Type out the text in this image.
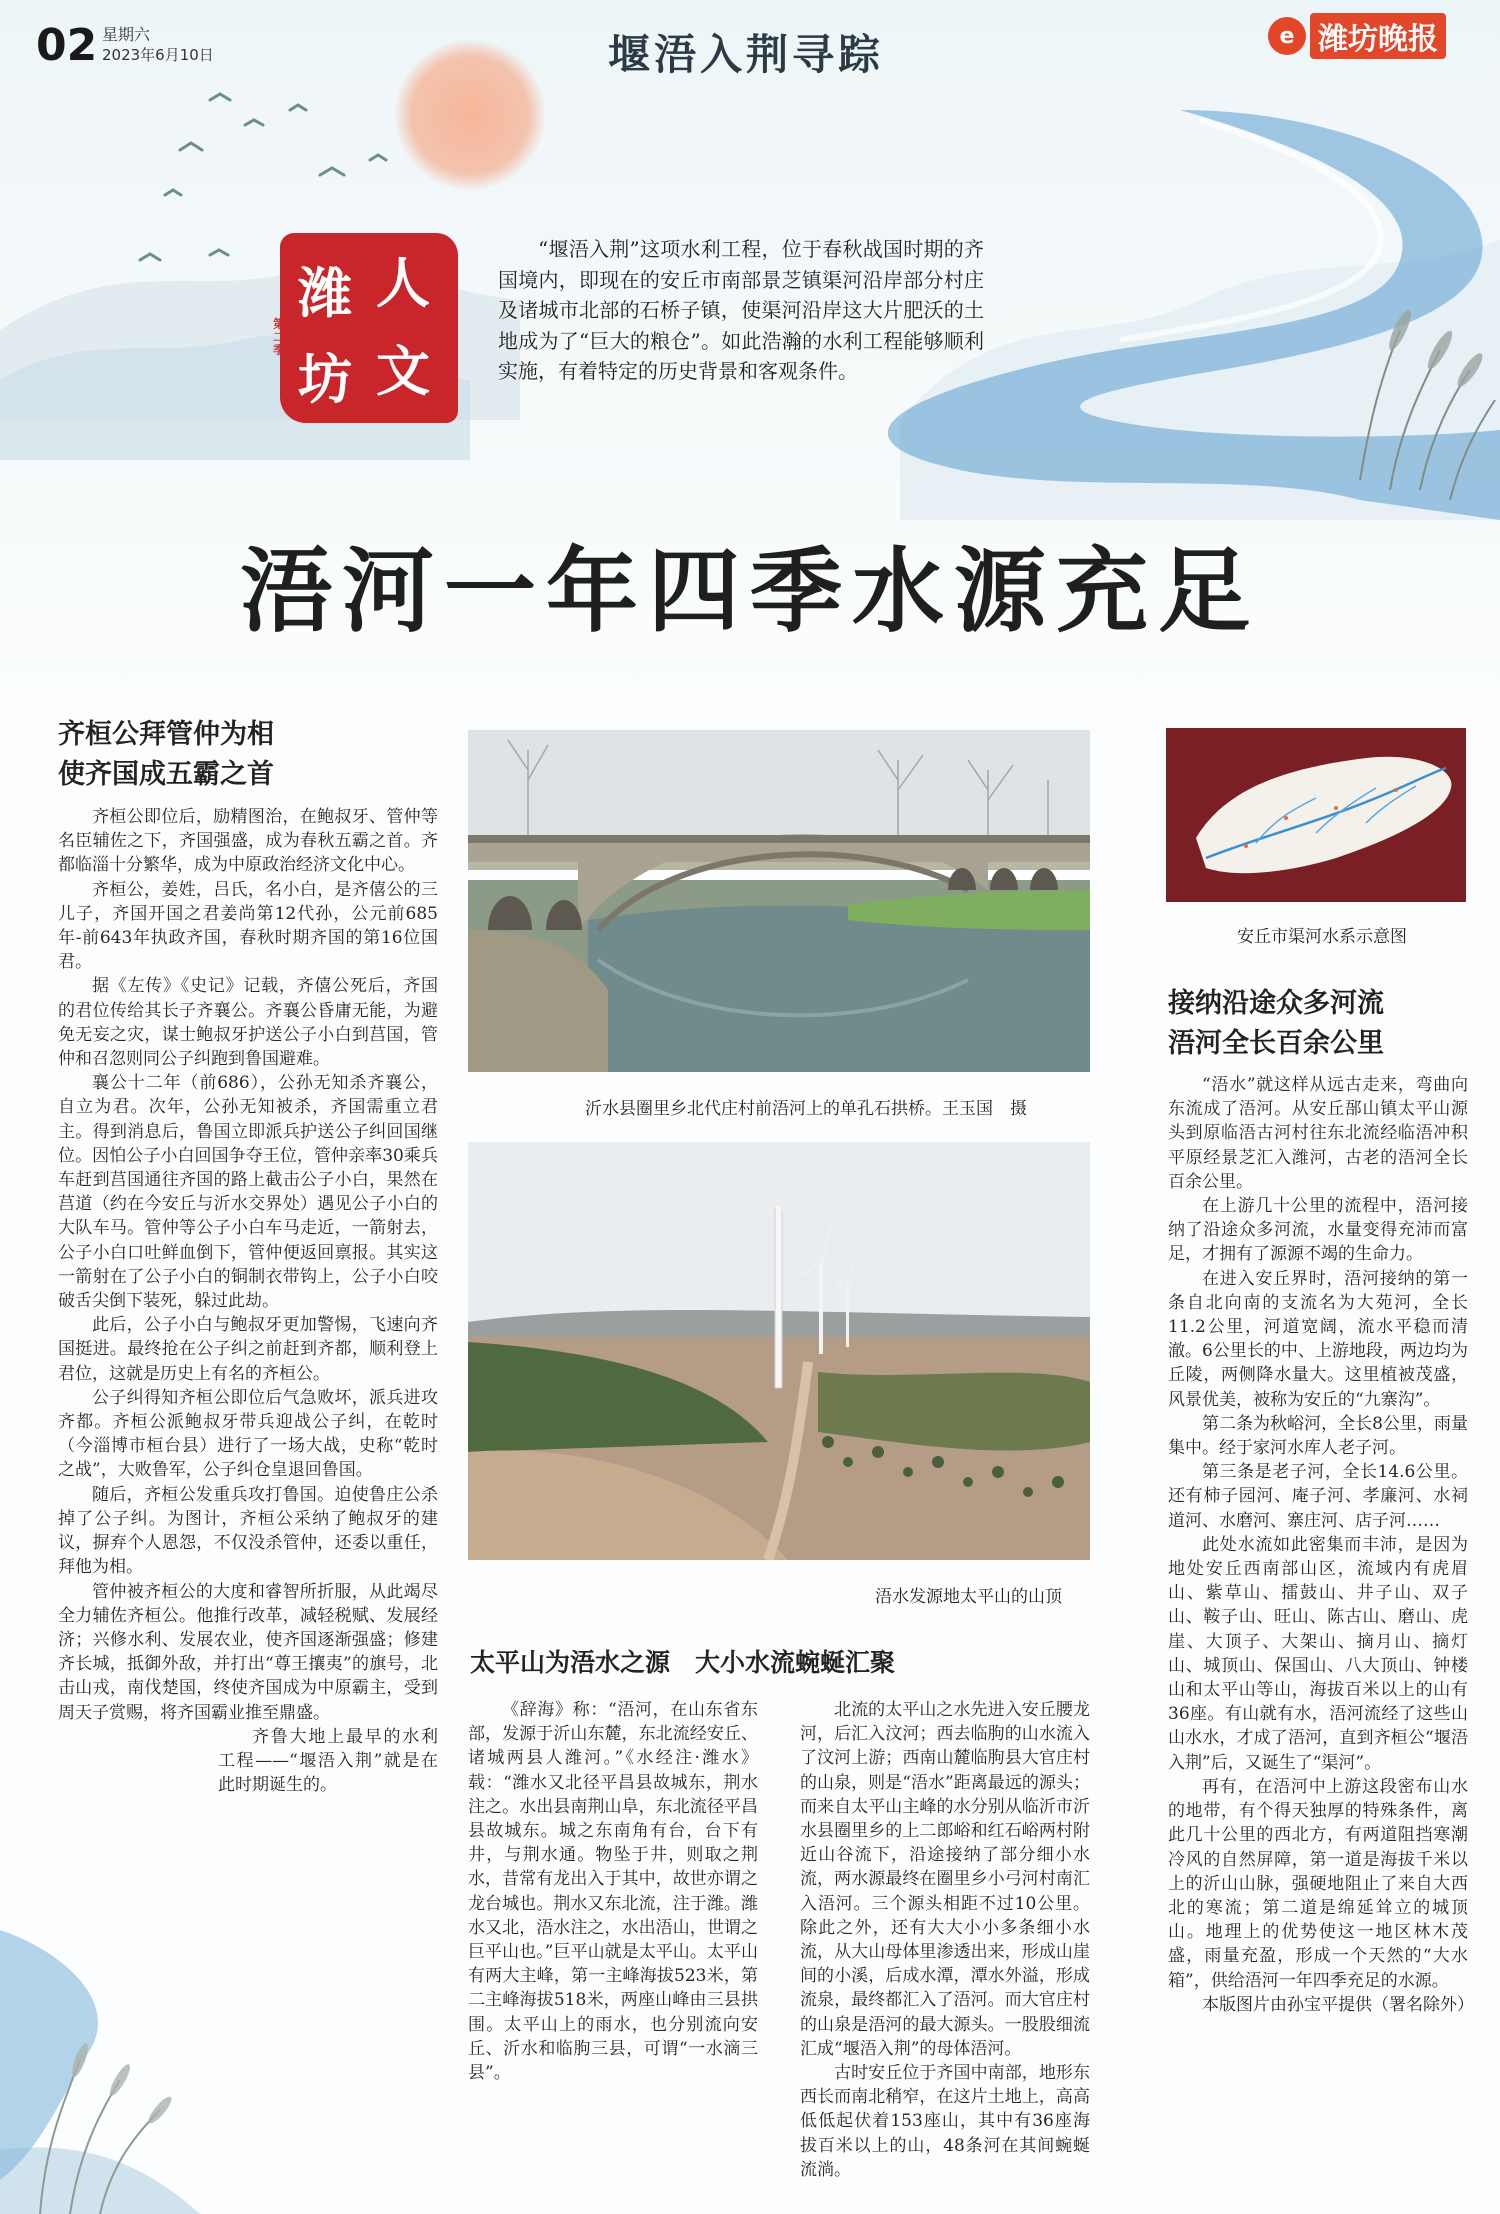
02 星期六
2023年6月10日	堰浯入荆寻踪	e 潍坊晚报
潍 人
坊 文
第二季
“堰浯入荆”这项水利工程，位于春秋战国时期的齐国境内，即现在的安丘市南部景芝镇渠河沿岸部分村庄及诸城市北部的石桥子镇，使渠河沿岸这大片肥沃的土地成为了“巨大的粮仓”。如此浩瀚的水利工程能够顺利实施，有着特定的历史背景和客观条件。
浯河一年四季水源充足
齐桓公拜管仲为相
使齐国成五霸之首

齐桓公即位后，励精图治，在鲍叔牙、管仲等名臣辅佐之下，齐国强盛，成为春秋五霸之首。齐都临淄十分繁华，成为中原政治经济文化中心。

齐桓公，姜姓，吕氏，名小白，是齐僖公的三儿子，齐国开国之君姜尚第12代孙，公元前685年-前643年执政齐国，春秋时期齐国的第16位国君。

据《左传》《史记》记载，齐僖公死后，齐国的君位传给其长子齐襄公。齐襄公昏庸无能，为避免无妄之灾，谋士鲍叔牙护送公子小白到莒国，管仲和召忽则同公子纠跑到鲁国避难。

襄公十二年（前686），公孙无知杀齐襄公，自立为君。次年，公孙无知被杀，齐国需重立君主。得到消息后，鲁国立即派兵护送公子纠回国继位。因怕公子小白回国争夺王位，管仲亲率30乘兵车赶到莒国通往齐国的路上截击公子小白，果然在莒道（约在今安丘与沂水交界处）遇见公子小白的大队车马。管仲等公子小白车马走近，一箭射去，公子小白口吐鲜血倒下，管仲便返回禀报。其实这一箭射在了公子小白的铜制衣带钩上，公子小白咬破舌尖倒下装死，躲过此劫。

此后，公子小白与鲍叔牙更加警惕，飞速向齐国挺进。最终抢在公子纠之前赶到齐都，顺利登上君位，这就是历史上有名的齐桓公。

公子纠得知齐桓公即位后气急败坏，派兵进攻齐都。齐桓公派鲍叔牙带兵迎战公子纠，在乾时（今淄博市桓台县）进行了一场大战，史称“乾时之战”，大败鲁军，公子纠仓皇退回鲁国。

随后，齐桓公发重兵攻打鲁国。迫使鲁庄公杀掉了公子纠。为图计，齐桓公采纳了鲍叔牙的建议，摒弃个人恩怨，不仅没杀管仲，还委以重任，拜他为相。

管仲被齐桓公的大度和睿智所折服，从此竭尽全力辅佐齐桓公。他推行改革，减轻税赋、发展经济；兴修水利、发展农业，使齐国逐渐强盛；修建齐长城，抵御外敌，并打出“尊王攘夷”的旗号，北击山戎，南伐楚国，终使齐国成为中原霸主，受到周天子赏赐，将齐国霸业推至鼎盛。

齐鲁大地上最早的水利工程——“堰浯入荆”就是在此时期诞生的。

沂水县圈里乡北代庄村前浯河上的单孔石拱桥。王玉国　摄
浯水发源地太平山的山顶
太平山为浯水之源　大小水流蜿蜒汇聚

《辞海》称：“浯河，在山东省东部，发源于沂山东麓，东北流经安丘、诸城两县人潍河。”《水经注·潍水》载：“潍水又北径平昌县故城东，荆水注之。水出县南荆山阜，东北流径平昌县故城东。城之东南角有台，台下有井，与荆水通。物坠于井，则取之荆水，昔常有龙出入于其中，故世亦谓之龙台城也。荆水又东北流，注于潍。潍水又北，浯水注之，水出浯山，世谓之巨平山也。”巨平山就是太平山。太平山有两大主峰，第一主峰海拔523米，第二主峰海拔518米，两座山峰由三县拱围。太平山上的雨水，也分别流向安丘、沂水和临朐三县，可谓“一水滴三县”。

北流的太平山之水先进入安丘腰龙河，后汇入汶河；西去临朐的山水流入了汶河上游；西南山麓临朐县大官庄村的山泉，则是“浯水”距离最远的源头；而来自太平山主峰的水分别从临沂市沂水县圈里乡的上二郎峪和红石峪两村附近山谷流下，沿途接纳了部分细小水流，两水源最终在圈里乡小弓河村南汇入浯河。三个源头相距不过10公里。除此之外，还有大大小小多条细小水流，从大山母体里渗透出来，形成山崖间的小溪，后成水潭，潭水外溢，形成流泉，最终都汇入了浯河。而大官庄村的山泉是浯河的最大源头。一股股细流汇成“堰浯入荆”的母体浯河。

古时安丘位于齐国中南部，地形东西长而南北稍窄，在这片土地上，高高低低起伏着153座山，其中有36座海拔百米以上的山，48条河在其间蜿蜒流淌。

安丘市渠河水系示意图
接纳沿途众多河流
浯河全长百余公里

“浯水”就这样从远古走来，弯曲向东流成了浯河。从安丘郚山镇太平山源头到原临浯古河村往东北流经临浯冲积平原经景芝汇入潍河，古老的浯河全长百余公里。

在上游几十公里的流程中，浯河接纳了沿途众多河流，水量变得充沛而富足，才拥有了源源不竭的生命力。

在进入安丘界时，浯河接纳的第一条自北向南的支流名为大苑河，全长11.2公里，河道宽阔，流水平稳而清澈。6公里长的中、上游地段，两边均为丘陵，两侧降水量大。这里植被茂盛，风景优美，被称为安丘的“九寨沟”。

第二条为秋峪河，全长8公里，雨量集中。经于家河水库人老子河。

第三条是老子河，全长14.6公里。还有柿子园河、庵子河、孝廉河、水祠道河、水磨河、寨庄河、店子河……

此处水流如此密集而丰沛，是因为地处安丘西南部山区，流域内有虎眉山、紫草山、擂鼓山、井子山、双子山、鞍子山、旺山、陈古山、磨山、虎崖、大顶子、大架山、摘月山、摘灯山、城顶山、保国山、八大顶山、钟楼山和太平山等山，海拔百米以上的山有36座。有山就有水，浯河流经了这些山山水水，才成了浯河，直到齐桓公“堰浯入荆”后，又诞生了“渠河”。

再有，在浯河中上游这段密布山水的地带，有个得天独厚的特殊条件，离此几十公里的西北方，有两道阻挡寒潮冷风的自然屏障，第一道是海拔千米以上的沂山山脉，强硬地阻止了来自大西北的寒流；第二道是绵延耸立的城顶山。地理上的优势使这一地区林木茂盛，雨量充盈，形成一个天然的“大水箱”，供给浯河一年四季充足的水源。

本版图片由孙宝平提供（署名除外）
